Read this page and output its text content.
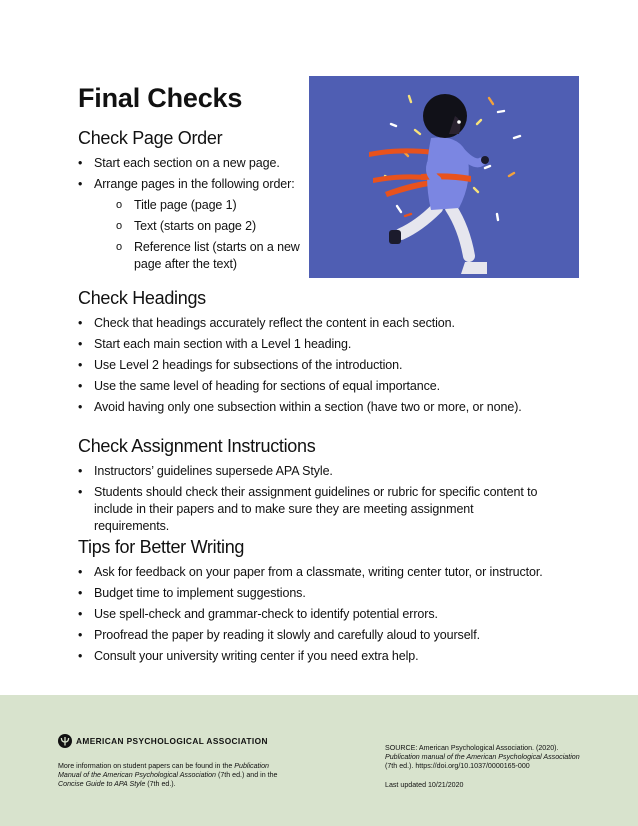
Final Checks
Check Page Order
• Start each section on a new page.
• Arrange pages in the following order:
o Title page (page 1)
o Text (starts on page 2)
o Reference list (starts on a new page after the text)
Check Headings
• Check that headings accurately reflect the content in each section.
• Start each main section with a Level 1 heading.
• Use Level 2 headings for subsections of the introduction.
• Use the same level of heading for sections of equal importance.
• Avoid having only one subsection within a section (have two or more, or none).
Check Assignment Instructions
• Instructors’ guidelines supersede APA Style.
• Students should check their assignment guidelines or rubric for specific content to include in their papers and to make sure they are meeting assignment requirements.
Tips for Better Writing
• Ask for feedback on your paper from a classmate, writing center tutor, or instructor.
• Budget time to implement suggestions.
• Use spell-check and grammar-check to identify potential errors.
• Proofread the paper by reading it slowly and carefully aloud to yourself.
• Consult your university writing center if you need extra help.
AMERICAN PSYCHOLOGICAL ASSOCIATION
More information on student papers can be found in the Publication Manual of the American Psychological Association (7th ed.) and in the Concise Guide to APA Style (7th ed.).
SOURCE: American Psychological Association. (2020). Publication manual of the American Psychological Association (7th ed.). https://doi.org/10.1037/0000165-000
Last updated 10/21/2020
